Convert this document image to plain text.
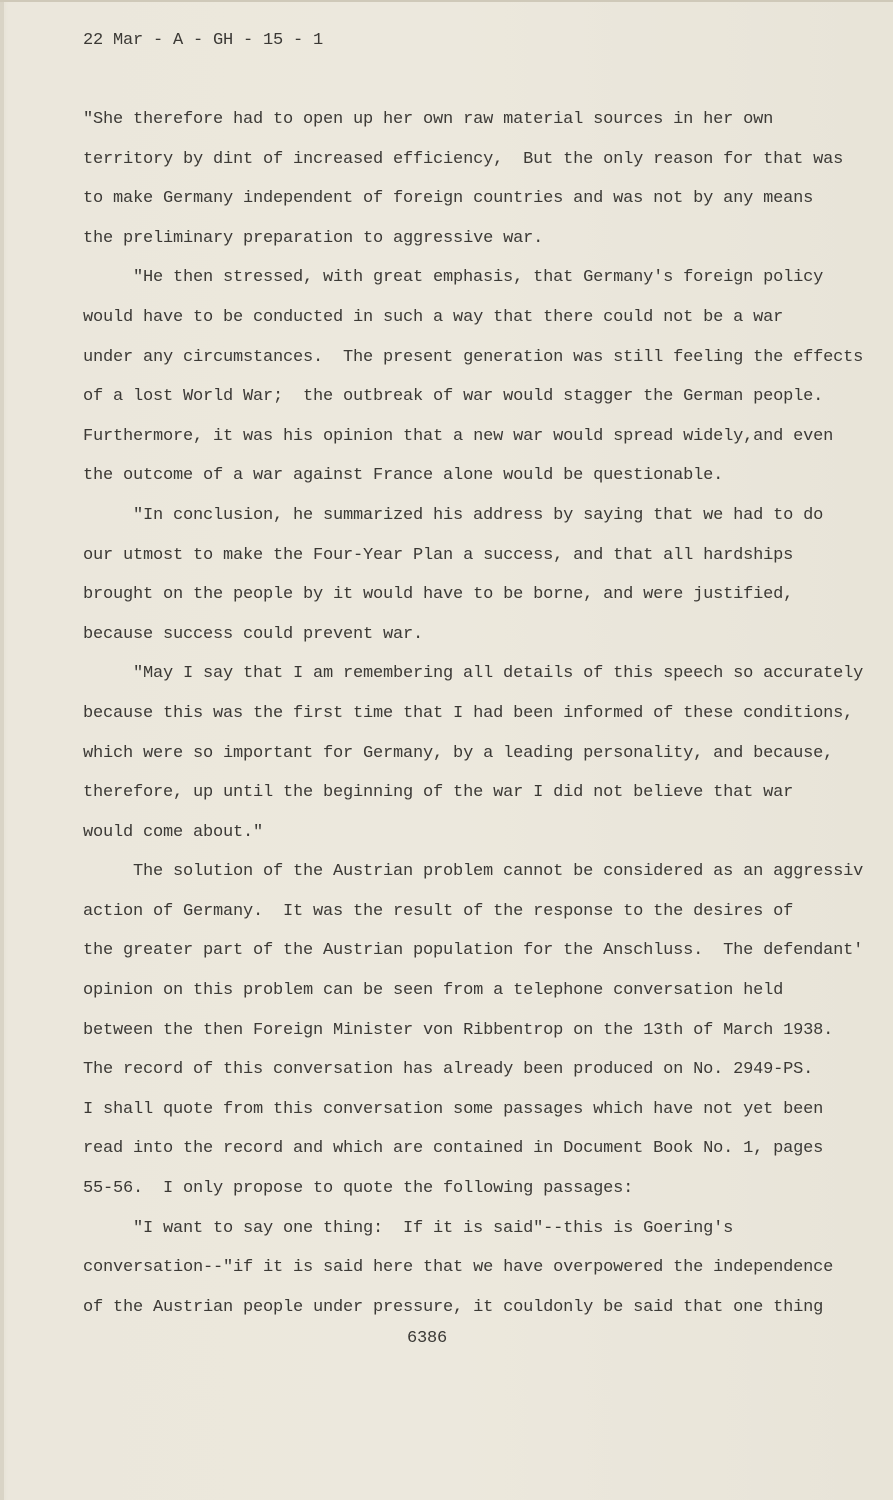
22 Mar - A - GH - 15 - 1
"She therefore had to open up her own raw material sources in her own
territory by dint of increased efficiency,  But the only reason for that was
to make Germany independent of foreign countries and was not by any means
the preliminary preparation to aggressive war.
"He then stressed, with great emphasis, that Germany's foreign policy
would have to be conducted in such a way that there could not be a war
under any circumstances.  The present generation was still feeling the effects
of a lost World War;  the outbreak of war would stagger the German people.
Furthermore, it was his opinion that a new war would spread widely,and even
the outcome of a war against France alone would be questionable.
"In conclusion, he summarized his address by saying that we had to do
our utmost to make the Four-Year Plan a success, and that all hardships
brought on the people by it would have to be borne, and were justified,
because success could prevent war.
"May I say that I am remembering all details of this speech so accurately
because this was the first time that I had been informed of these conditions,
which were so important for Germany, by a leading personality, and because,
therefore, up until the beginning of the war I did not believe that war
would come about."
The solution of the Austrian problem cannot be considered as an aggressiv
action of Germany.  It was the result of the response to the desires of
the greater part of the Austrian population for the Anschluss.  The defendant'
opinion on this problem can be seen from a telephone conversation held
between the then Foreign Minister von Ribbentrop on the 13th of March 1938.
The record of this conversation has already been produced on No. 2949-PS.
I shall quote from this conversation some passages which have not yet been
read into the record and which are contained in Document Book No. 1, pages
55-56.  I only propose to quote the following passages:
"I want to say one thing:  If it is said"--this is Goering's
conversation--"if it is said here that we have overpowered the independence
of the Austrian people under pressure, it couldonly be said that one thing
6386
